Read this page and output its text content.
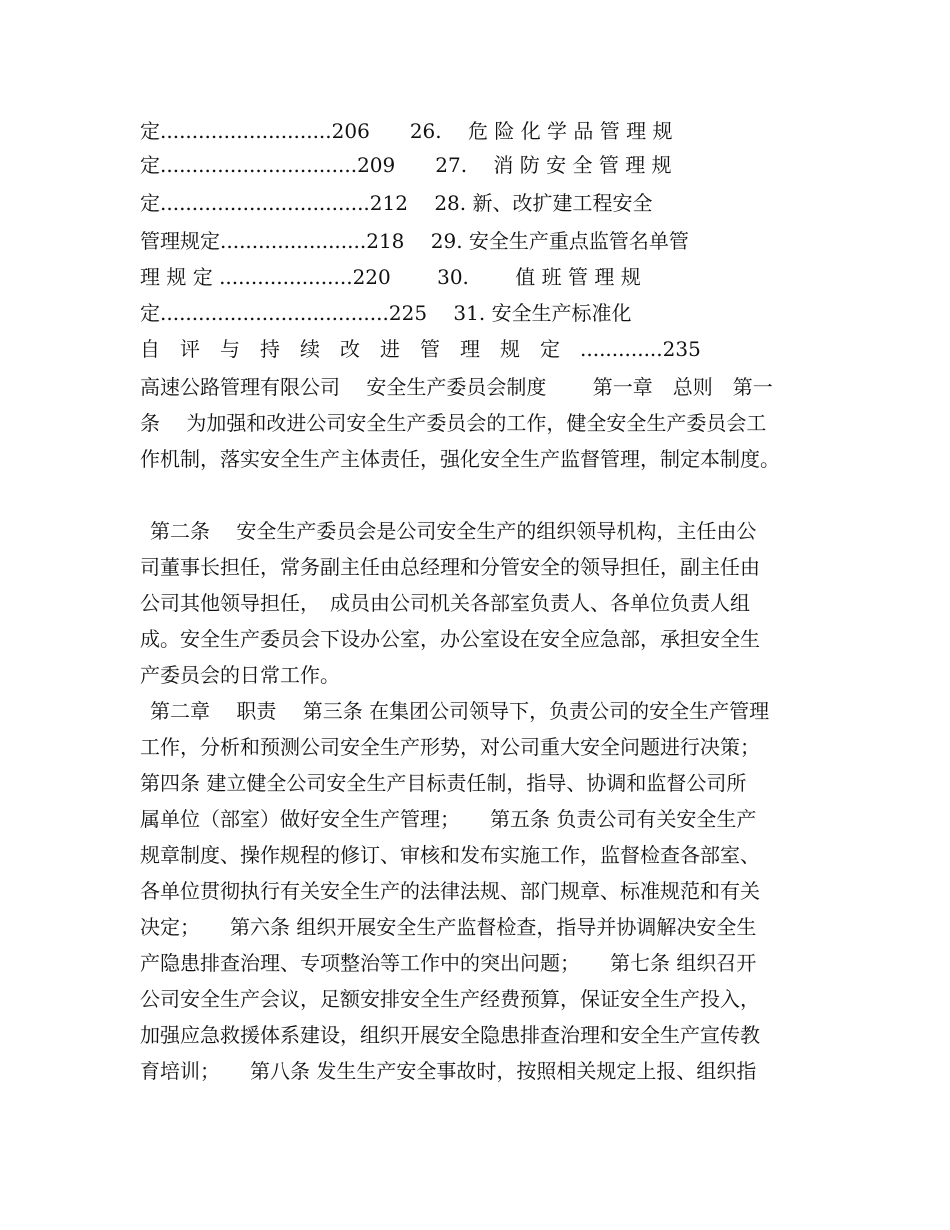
定...........................206　　26.　 危 险 化 学 品 管 理 规
定...............................209　　27.　 消 防 安 全 管 理 规
定.................................212　 28. 新、改扩建工程安全
管理规定.......................218　 29. 安全生产重点监管名单管
理 规 定 .....................220　　 30.　　 值 班 管 理 规
定....................................225　 31. 安全生产标准化
自　评　与　持　续　改　进　管　理　规　定　.............235
高速公路管理有限公司　 安全生产委员会制度　　 第一章　总则　第一
条　 为加强和改进公司安全生产委员会的工作，健全安全生产委员会工
作机制，落实安全生产主体责任，强化安全生产监督管理，制定本制度。
第二条　 安全生产委员会是公司安全生产的组织领导机构，主任由公
司董事长担任，常务副主任由总经理和分管安全的领导担任，副主任由
公司其他领导担任，　成员由公司机关各部室负责人、各单位负责人组
成。安全生产委员会下设办公室，办公室设在安全应急部，承担安全生
产委员会的日常工作。
第二章　 职责　 第三条 在集团公司领导下，负责公司的安全生产管理
工作，分析和预测公司安全生产形势，对公司重大安全问题进行决策；
第四条 建立健全公司安全生产目标责任制，指导、协调和监督公司所
属单位（部室）做好安全生产管理；　　第五条 负责公司有关安全生产
规章制度、操作规程的修订、审核和发布实施工作，监督检查各部室、
各单位贯彻执行有关安全生产的法律法规、部门规章、标准规范和有关
决定；　　第六条 组织开展安全生产监督检查，指导并协调解决安全生
产隐患排查治理、专项整治等工作中的突出问题；　　第七条 组织召开
公司安全生产会议，足额安排安全生产经费预算，保证安全生产投入，
加强应急救援体系建设，组织开展安全隐患排查治理和安全生产宣传教
育培训；　　第八条 发生生产安全事故时，按照相关规定上报、组织指
